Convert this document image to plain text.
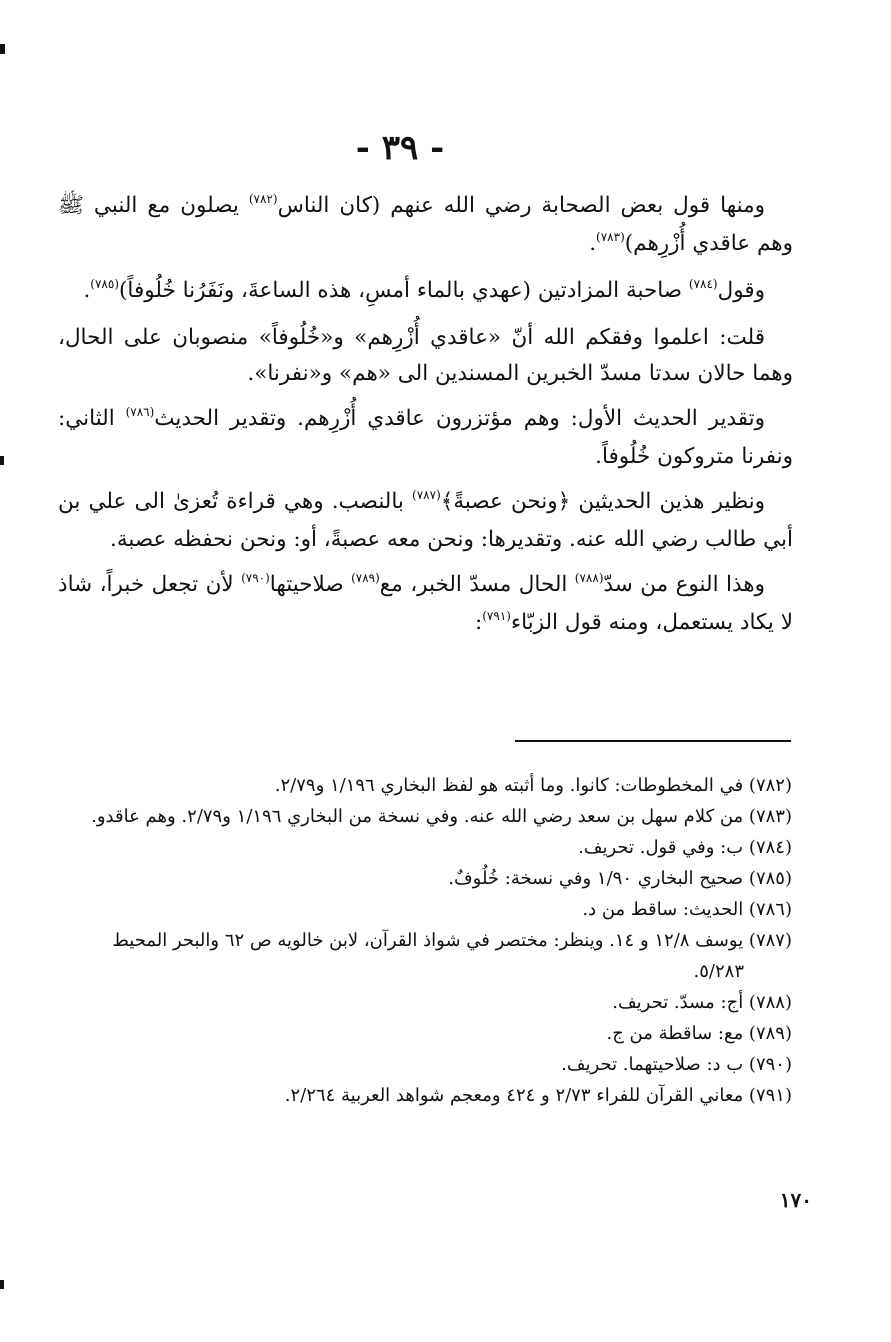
- ٣٩ -

ومنها قول بعض الصحابة رضي الله عنهم (كان الناس$^{(٧٨٢)}$ يصلون مع النبي ﷺ وهم عاقدي أُزْرِهم)$^{(٧٨٣)}$.

وقول$^{(٧٨٤)}$ صاحبة المزادتين (عهدي بالماء أمسِ، هذه الساعةَ، ونَفَرُنا خُلُوفاً)$^{(٧٨٥)}$.

قلت: اعلموا وفقكم الله أنّ «عاقدي أُزْرِهم» و«خُلُوفاً» منصوبان على الحال، وهما حالان سدتا مسدّ الخبرين المسندين الى «هم» و«نفرنا».

وتقدير الحديث الأول: وهم مؤتزرون عاقدي أُزْرِهم. وتقدير الحديث$^{(٧٨٦)}$ الثاني: ونفرنا متروكون خُلُوفاً.

ونظير هذين الحديثين ﴿ونحن عصبةً﴾$^{(٧٨٧)}$ بالنصب. وهي قراءة تُعزىٰ الى علي بن أبي طالب رضي الله عنه. وتقديرها: ونحن معه عصبةً، أو: ونحن نحفظه عصبة.

وهذا النوع من سدّ$^{(٧٨٨)}$ الحال مسدّ الخبر، مع$^{(٧٨٩)}$ صلاحيتها$^{(٧٩٠)}$ لأن تجعل خبراً، شاذ لا يكاد يستعمل، ومنه قول الزبّاء$^{(٧٩١)}$:

(٧٨٢) في المخطوطات: كانوا. وما أثبته هو لفظ البخاري ١/١٩٦ و٢/٧٩.

(٧٨٣) من كلام سهل بن سعد رضي الله عنه. وفي نسخة من البخاري ١/١٩٦ و٢/٧٩. وهم عاقدو.

(٧٨٤) ب: وفي قول. تحريف.

(٧٨٥) صحيح البخاري ١/٩٠ وفي نسخة: خُلُوفٌ.

(٧٨٦) الحديث: ساقط من د.

(٧٨٧) يوسف ١٢/٨ و ١٤. وينظر: مختصر في شواذ القرآن، لابن خالويه ص ٦٢ والبحر المحيط ٥/٢٨٣.

(٧٨٨) أج: مسدّ. تحريف.

(٧٨٩) مع: ساقطة من ج.

(٧٩٠) ب د: صلاحيتهما. تحريف.

(٧٩١) معاني القرآن للفراء ٢/٧٣ و ٤٢٤ ومعجم شواهد العربية ٢/٢٦٤.

١٧٠
